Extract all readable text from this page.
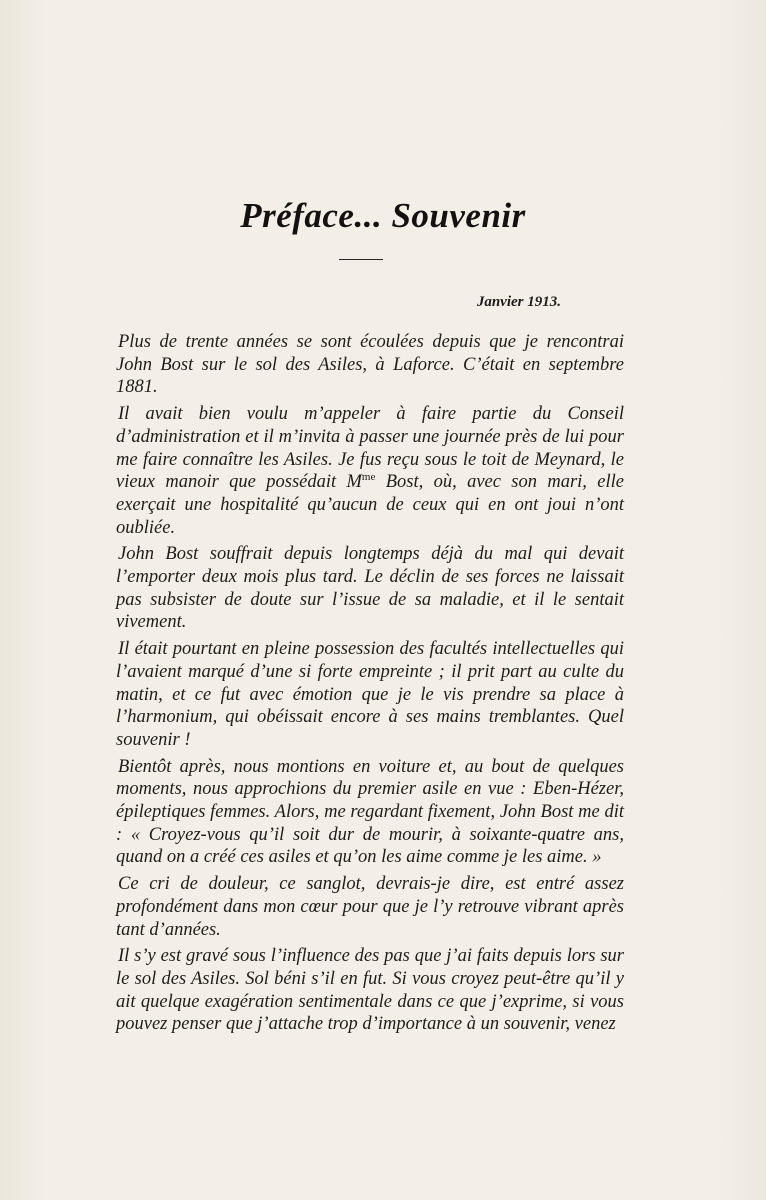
Préface... Souvenir
Janvier 1913.

Plus de trente années se sont écoulées depuis que je rencontrai John Bost sur le sol des Asiles, à Laforce. C’était en septembre 1881.

Il avait bien voulu m’appeler à faire partie du Conseil d’administration et il m’invita à passer une journée près de lui pour me faire connaître les Asiles. Je fus reçu sous le toit de Meynard, le vieux manoir que possédait $M^{me}$ Bost, où, avec son mari, elle exerçait une hospitalité qu’aucun de ceux qui en ont joui n’ont oubliée.

John Bost souffrait depuis longtemps déjà du mal qui devait l’emporter deux mois plus tard. Le déclin de ses forces ne laissait pas subsister de doute sur l’issue de sa maladie, et il le sentait vivement.

Il était pourtant en pleine possession des facultés intellectuelles qui l’avaient marqué d’une si forte empreinte ; il prit part au culte du matin, et ce fut avec émotion que je le vis prendre sa place à l’harmonium, qui obéissait encore à ses mains tremblantes. Quel souvenir !

Bientôt après, nous montions en voiture et, au bout de quelques moments, nous approchions du premier asile en vue : Eben-Hézer, épileptiques femmes. Alors, me regardant fixement, John Bost me dit : « Croyez-vous qu’il soit dur de mourir, à soixante-quatre ans, quand on a créé ces asiles et qu’on les aime comme je les aime. »

Ce cri de douleur, ce sanglot, devrais-je dire, est entré assez profondément dans mon cœur pour que je l’y retrouve vibrant après tant d’années.

Il s’y est gravé sous l’influence des pas que j’ai faits depuis lors sur le sol des Asiles. Sol béni s’il en fut. Si vous croyez peut-être qu’il y ait quelque exagération sentimentale dans ce que j’exprime, si vous pouvez penser que j’attache trop d’importance à un souvenir, venez
